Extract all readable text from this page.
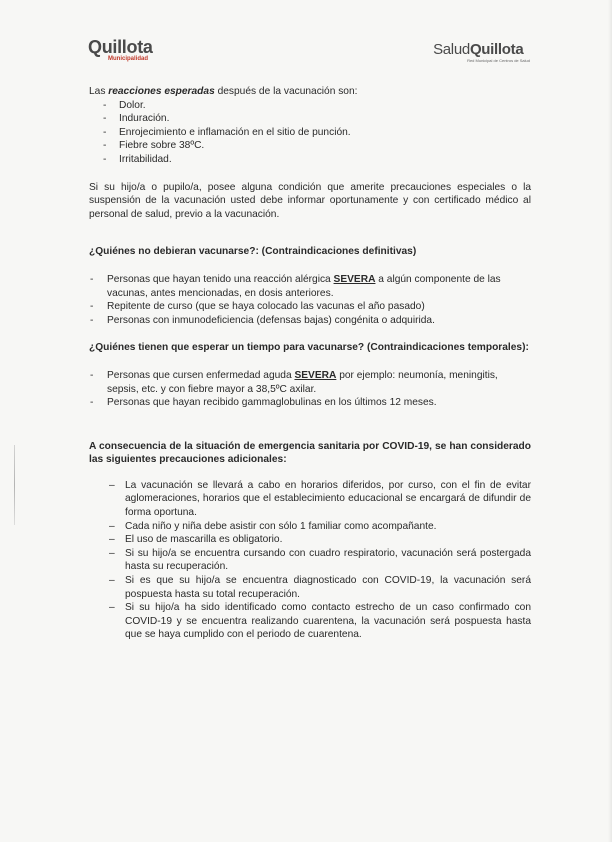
Quillota
Municipalidad
SaludQuillota
Red Municipal de Centros de Salud

Las reacciones esperadas después de la vacunación son:

- Dolor.
- Induración.
- Enrojecimiento e inflamación en el sitio de punción.
- Fiebre sobre 38ºC.
- Irritabilidad.

Si su hijo/a o pupilo/a, posee alguna condición que amerite precauciones especiales o la suspensión de la vacunación usted debe informar oportunamente y con certificado médico al personal de salud, previo a la vacunación.

¿Quiénes no debieran vacunarse?: (Contraindicaciones definitivas)
- Personas que hayan tenido una reacción alérgica SEVERA a algún componente de las vacunas, antes mencionadas, en dosis anteriores.
- Repitente de curso (que se haya colocado las vacunas el año pasado)
- Personas con inmunodeficiencia (defensas bajas) congénita o adquirida.
¿Quiénes tienen que esperar un tiempo para vacunarse? (Contraindicaciones temporales):
- Personas que cursen enfermedad aguda SEVERA por ejemplo: neumonía, meningitis, sepsis, etc. y con fiebre mayor a 38,5ºC axilar.
- Personas que hayan recibido gammaglobulinas en los últimos 12 meses.
A consecuencia de la situación de emergencia sanitaria por COVID-19, se han considerado las siguientes precauciones adicionales:
– La vacunación se llevará a cabo en horarios diferidos, por curso, con el fin de evitar aglomeraciones, horarios que el establecimiento educacional se encargará de difundir de forma oportuna.
– Cada niño y niña debe asistir con sólo 1 familiar como acompañante.
– El uso de mascarilla es obligatorio.
– Si su hijo/a se encuentra cursando con cuadro respiratorio, vacunación será postergada hasta su recuperación.
– Si es que su hijo/a se encuentra diagnosticado con COVID-19, la vacunación será pospuesta hasta su total recuperación.
– Si su hijo/a ha sido identificado como contacto estrecho de un caso confirmado con COVID-19 y se encuentra realizando cuarentena, la vacunación será pospuesta hasta que se haya cumplido con el periodo de cuarentena.
